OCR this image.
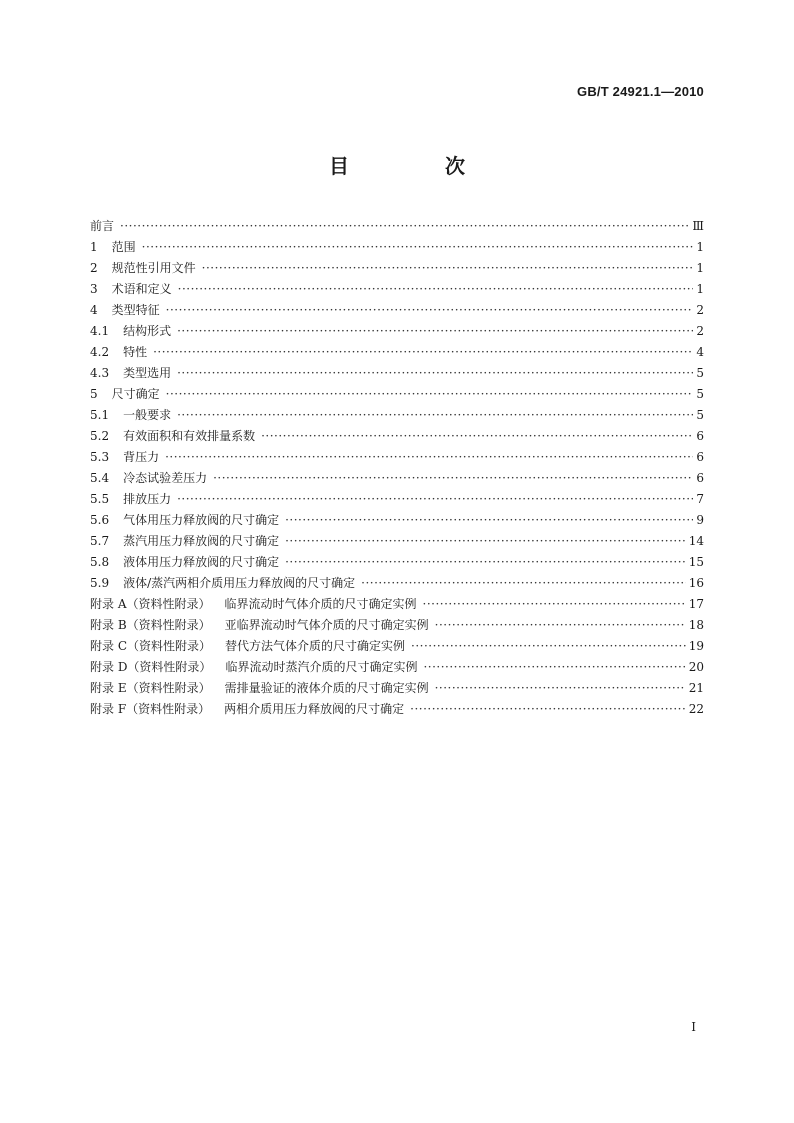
GB/T 24921.1—2010
目　次
前言 ·····	Ⅲ
1 范围 ·····	1
2 规范性引用文件 ·····	1
3 术语和定义 ·····	1
4 类型特征 ·····	2
4.1 结构形式 ·····	2
4.2 特性 ·····	4
4.3 类型选用 ·····	5
5 尺寸确定 ·····	5
5.1 一般要求 ·····	5
5.2 有效面积和有效排量系数 ·····	6
5.3 背压力 ·····	6
5.4 冷态试验差压力 ·····	6
5.5 排放压力 ·····	7
5.6 气体用压力释放阀的尺寸确定 ·····	9
5.7 蒸汽用压力释放阀的尺寸确定 ·····	14
5.8 液体用压力释放阀的尺寸确定 ·····	15
5.9 液体/蒸汽两相介质用压力释放阀的尺寸确定 ·····	16
附录 A（资料性附录） 临界流动时气体介质的尺寸确定实例 ·····	17
附录 B（资料性附录） 亚临界流动时气体介质的尺寸确定实例 ·····	18
附录 C（资料性附录） 替代方法气体介质的尺寸确定实例 ·····	19
附录 D（资料性附录） 临界流动时蒸汽介质的尺寸确定实例 ·····	20
附录 E（资料性附录） 需排量验证的液体介质的尺寸确定实例 ·····	21
附录 F（资料性附录） 两相介质用压力释放阀的尺寸确定 ·····	22
I
